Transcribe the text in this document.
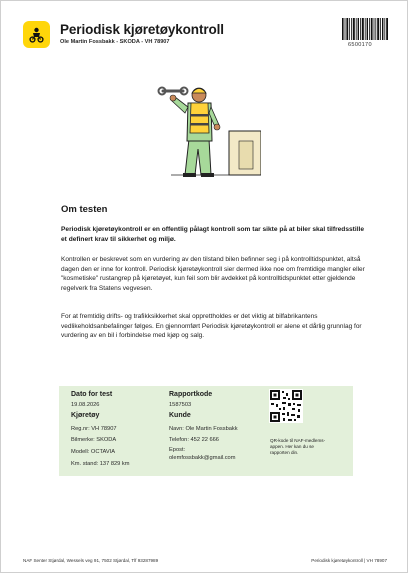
Periodisk kjøretøykontroll
Ole Martin Fossbakk - SKODA - VH 78907	6500170
Om testen
Periodisk kjøretøykontroll er en offentlig pålagt kontroll som tar sikte på at biler skal tilfredsstille et definert krav til sikkerhet og miljø.
Kontrollen er beskrevet som en vurdering av den tilstand bilen befinner seg i på kontrolltidspunktet, altså dagen den er inne for kontroll. Periodisk kjøretøykontroll sier dermed ikke noe om fremtidige mangler eller "kosmetiske" rustangrep på kjøretøyet, kun feil som blir avdekket på kontrolltidspunktet etter gjeldende regelverk fra Statens vegvesen.
For at fremtidig drifts- og trafikksikkerhet skal opprettholdes er det viktig at bilfabrikantens vedlikeholdsanbefalinger følges. En gjennomført Periodisk kjøretøykontroll er alene et dårlig grunnlag for vurdering av en bil i forbindelse med kjøp og salg.
Dato for test
19.08.2026
Kjøretøy
Reg.nr: VH 78907
Bilmerke: SKODA
Modell: OCTAVIA
Km. stand: 137 829 km
Rapportkode
1587503
Kunde
Navn: Ole Martin Fossbakk
Telefon: 452 22 666
Epost:
olemfossbakk@gmail.com
QR-kode til NAF-medlems-appen. Her kan du se rapporten din.
NAF Senter Stjørdal, Wessels veg 91, 7502 Stjørdal, Tlf 93287989	Periodisk kjøretøykontroll | VH 78907
